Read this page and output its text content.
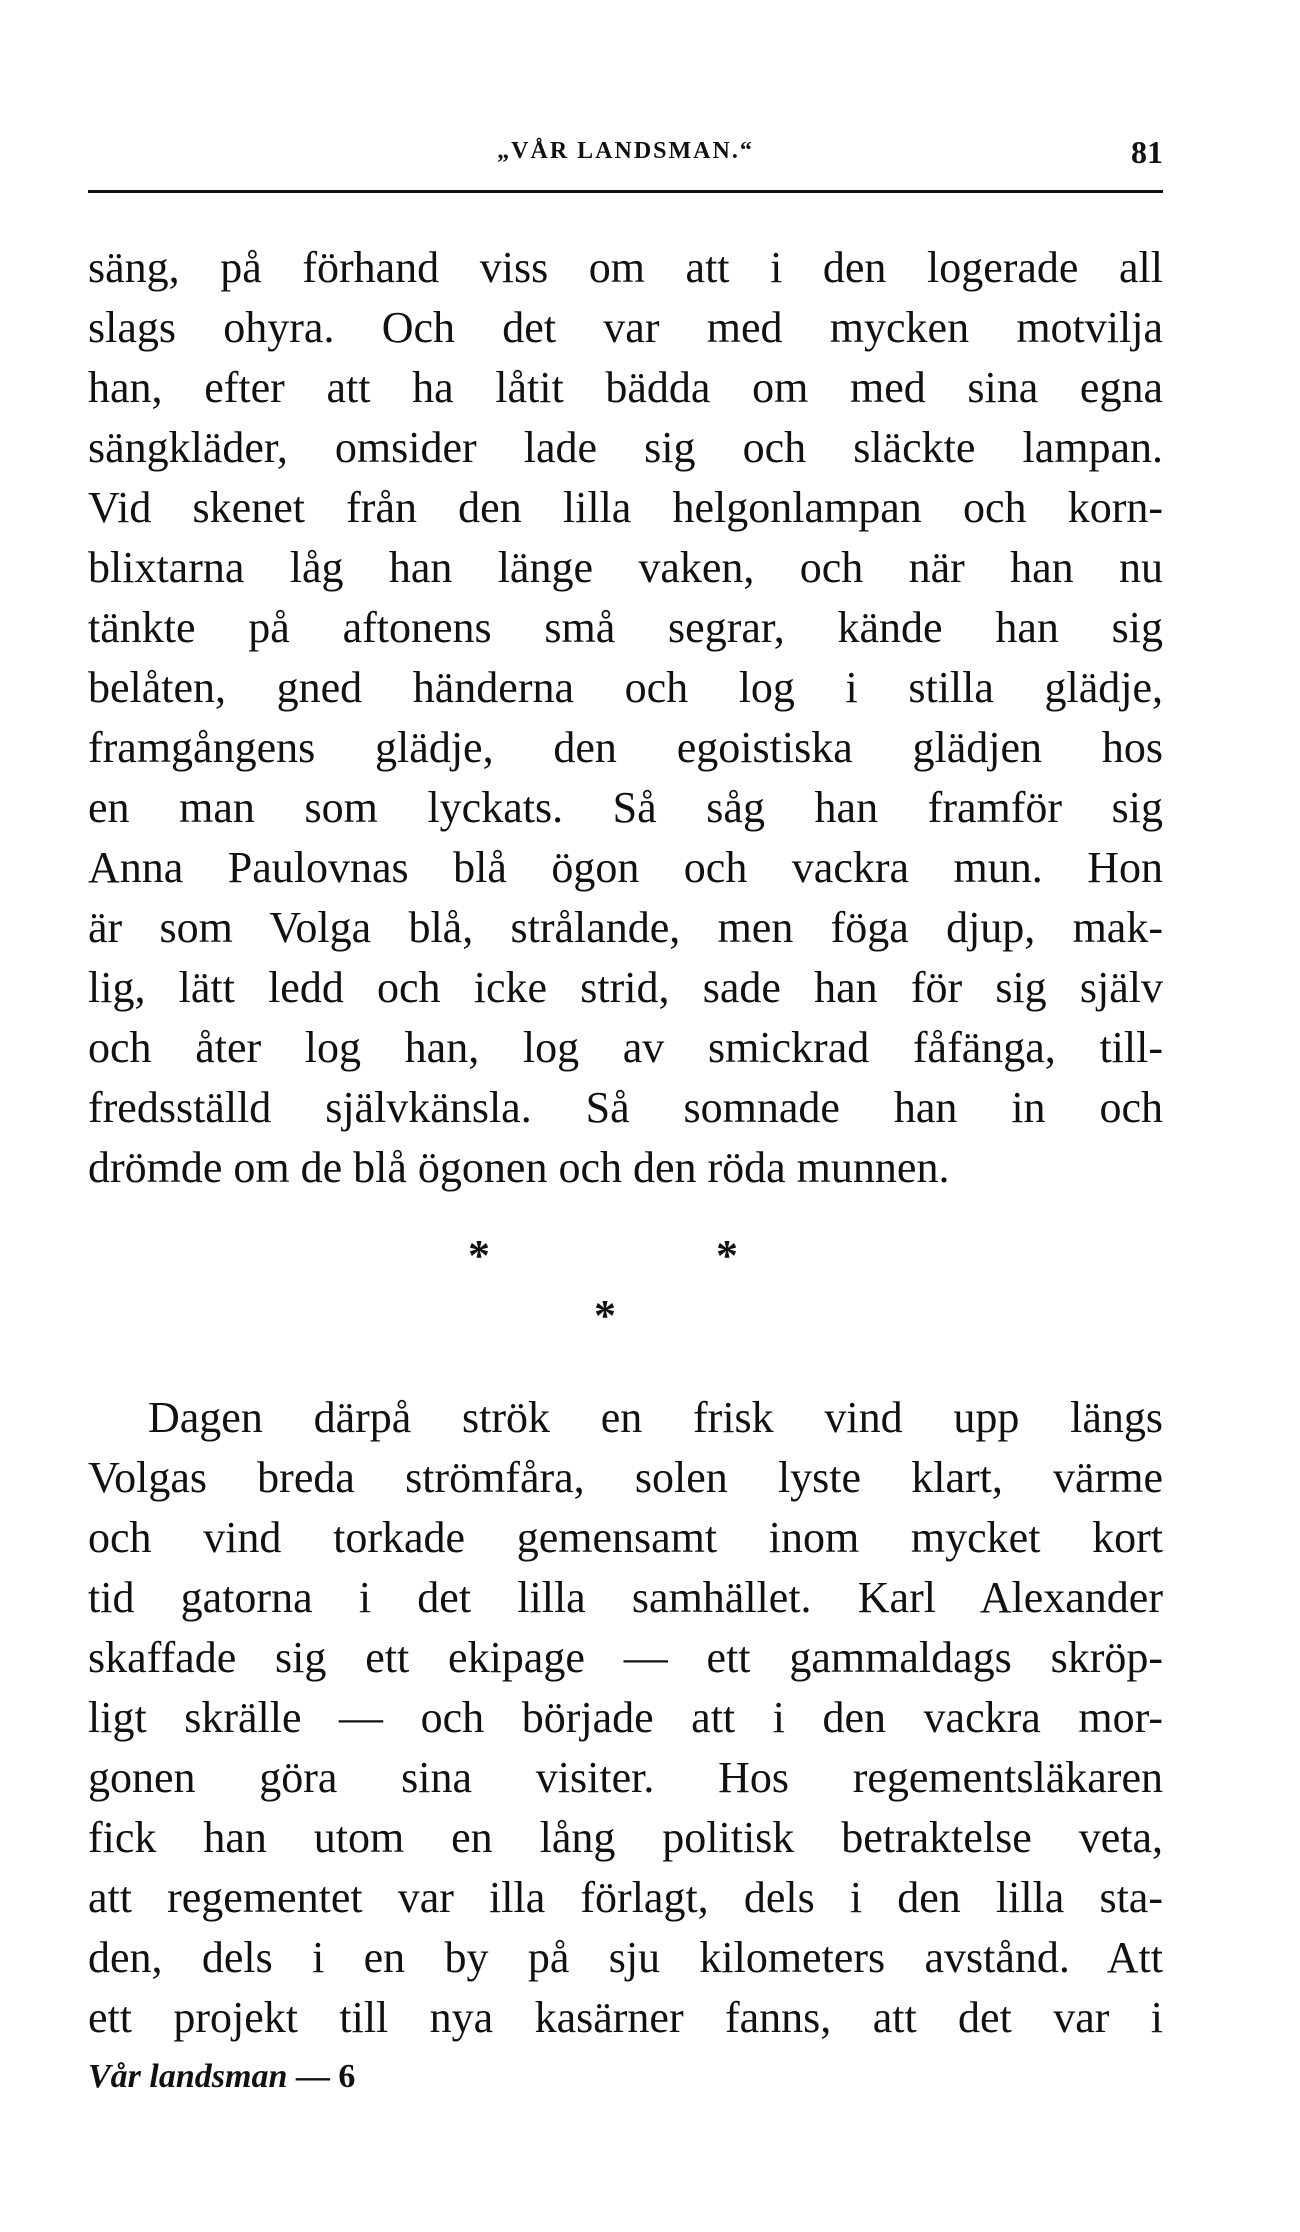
„VÅR LANDSMAN.“	81
säng, på förhand viss om att i den logerade all
slags ohyra. Och det var med mycken motvilja
han, efter att ha låtit bädda om med sina egna
sängkläder, omsider lade sig och släckte lampan.
Vid skenet från den lilla helgonlampan och korn-
blixtarna låg han länge vaken, och när han nu
tänkte på aftonens små segrar, kände han sig
belåten, gned händerna och log i stilla glädje,
framgångens glädje, den egoistiska glädjen hos
en man som lyckats. Så såg han framför sig
Anna Paulovnas blå ögon och vackra mun. Hon
är som Volga blå, strålande, men föga djup, mak-
lig, lätt ledd och icke strid, sade han för sig själv
och åter log han, log av smickrad fåfänga, till-
fredsställd självkänsla. Så somnade han in och
drömde om de blå ögonen och den röda munnen.
*	*
*
Dagen därpå strök en frisk vind upp längs
Volgas breda strömfåra, solen lyste klart, värme
och vind torkade gemensamt inom mycket kort
tid gatorna i det lilla samhället. Karl Alexander
skaffade sig ett ekipage — ett gammaldags skröp-
ligt skrälle — och började att i den vackra mor-
gonen göra sina visiter. Hos regementsläkaren
fick han utom en lång politisk betraktelse veta,
att regementet var illa förlagt, dels i den lilla sta-
den, dels i en by på sju kilometers avstånd. Att
ett projekt till nya kasärner fanns, att det var i
Vår landsman — 6
